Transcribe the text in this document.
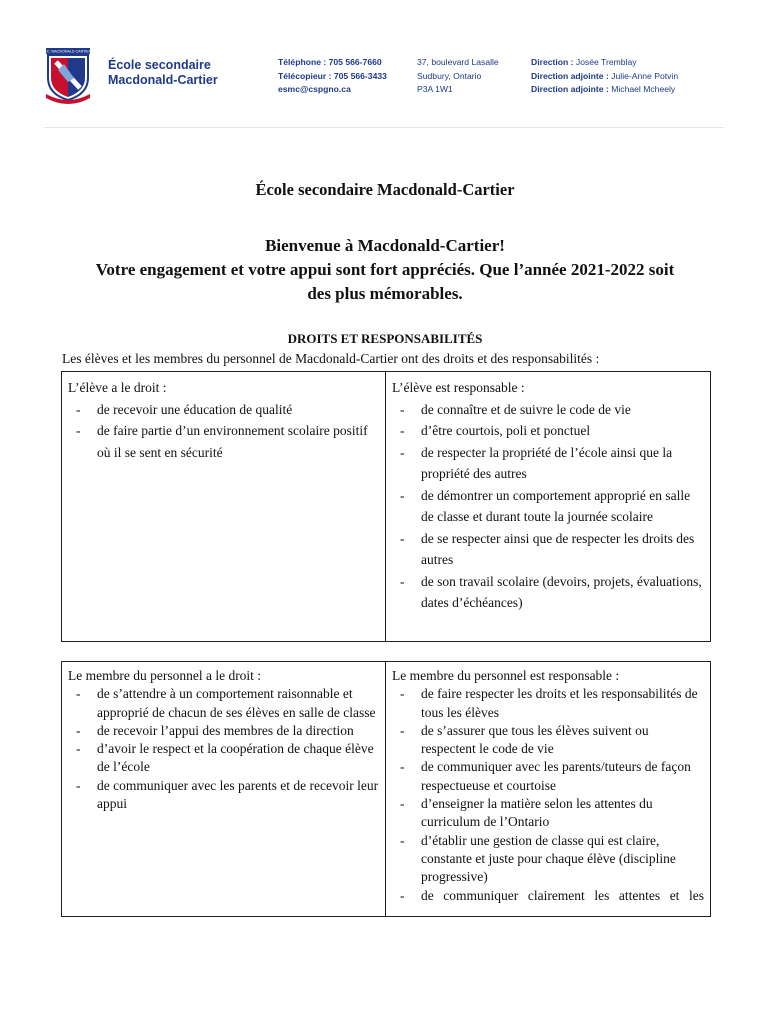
ÉC. MACDONALD-CARTIER
École secondaire
Macdonald-Cartier
Téléphone : 705 566-7660
Télécopieur : 705 566-3433
esmc@cspgno.ca
37, boulevard Lasalle
Sudbury, Ontario
P3A 1W1
Direction : Josée Tremblay
Direction adjointe : Julie-Anne Potvin
Direction adjointe : Michael Mcheely
École secondaire Macdonald-Cartier
Bienvenue à Macdonald-Cartier!
Votre engagement et votre appui sont fort appréciés. Que l’année 2021-2022 soit
des plus mémorables.
DROITS ET RESPONSABILITÉS
Les élèves et les membres du personnel de Macdonald-Cartier ont des droits et des responsabilités :
L’élève a le droit :
- de recevoir une éducation de qualité
- de faire partie d’un environnement scolaire positif où il se sent en sécurité
L’élève est responsable :
- de connaître et de suivre le code de vie
- d’être courtois, poli et ponctuel
- de respecter la propriété de l’école ainsi que la propriété des autres
- de démontrer un comportement approprié en salle de classe et durant toute la journée scolaire
- de se respecter ainsi que de respecter les droits des autres
- de son travail scolaire (devoirs, projets, évaluations, dates d’échéances)
Le membre du personnel a le droit :
- de s’attendre à un comportement raisonnable et approprié de chacun de ses élèves en salle de classe
- de recevoir l’appui des membres de la direction
- d’avoir le respect et la coopération de chaque élève de l’école
- de communiquer avec les parents et de recevoir leur appui
Le membre du personnel est responsable :
- de faire respecter les droits et les responsabilités de tous les élèves
- de s’assurer que tous les élèves suivent ou respectent le code de vie
- de communiquer avec les parents/tuteurs de façon respectueuse et courtoise
- d’enseigner la matière selon les attentes du curriculum de l’Ontario
- d’établir une gestion de classe qui est claire, constante et juste pour chaque élève (discipline progressive)
- de communiquer clairement les attentes et les
